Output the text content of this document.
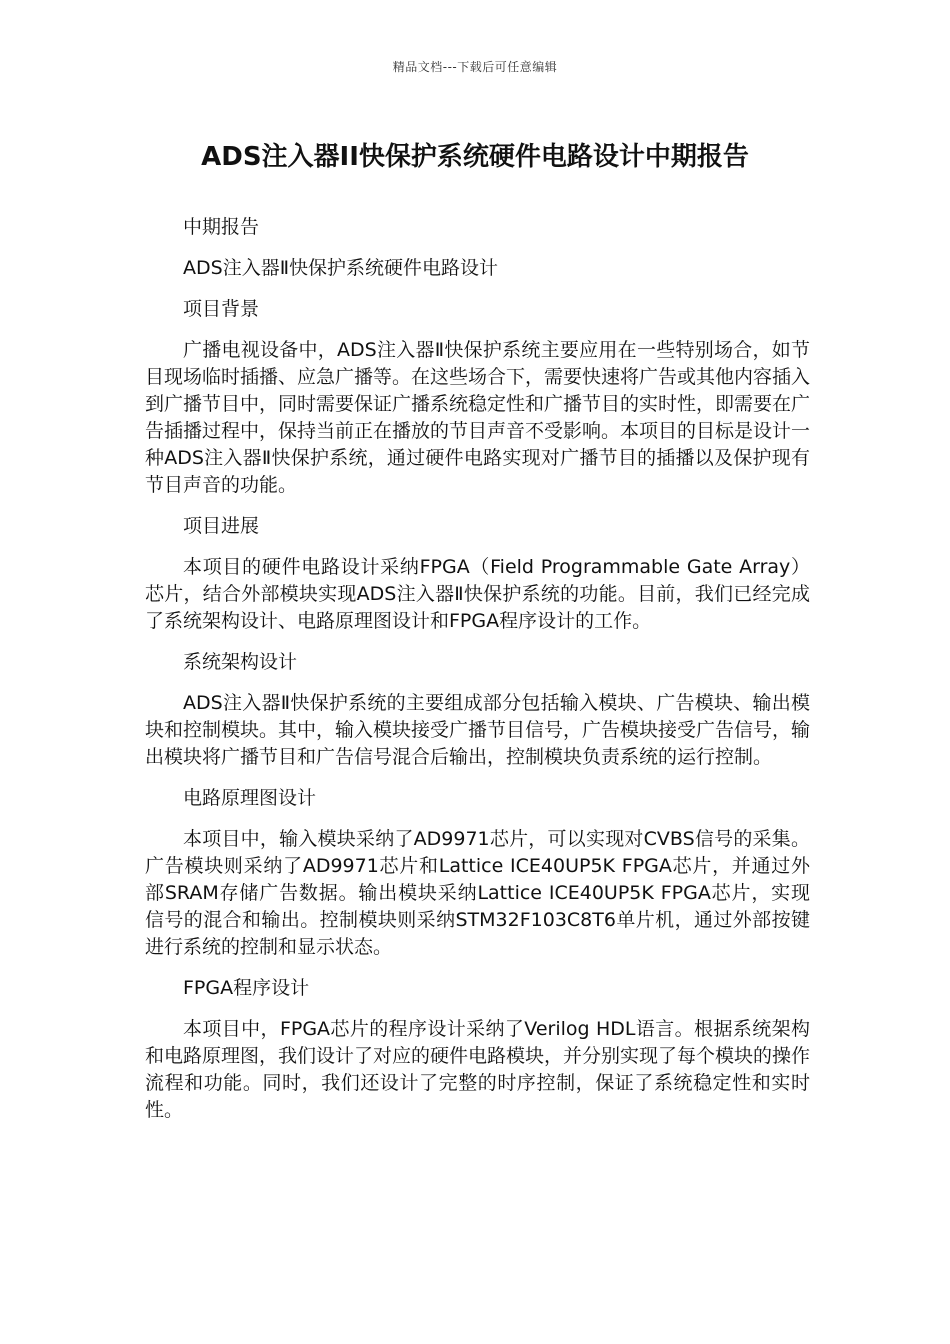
精品文档---下载后可任意编辑
ADS注入器II快保护系统硬件电路设计中期报告
中期报告
ADS注入器Ⅱ快保护系统硬件电路设计
项目背景
广播电视设备中，ADS注入器Ⅱ快保护系统主要应用在一些特别场合，如节目现场临时插播、应急广播等。在这些场合下，需要快速将广告或其他内容插入到广播节目中，同时需要保证广播系统稳定性和广播节目的实时性，即需要在广告插播过程中，保持当前正在播放的节目声音不受影响。本项目的目标是设计一种ADS注入器Ⅱ快保护系统，通过硬件电路实现对广播节目的插播以及保护现有节目声音的功能。
项目进展
本项目的硬件电路设计采纳FPGA（Field Programmable Gate Array）芯片，结合外部模块实现ADS注入器Ⅱ快保护系统的功能。目前，我们已经完成了系统架构设计、电路原理图设计和FPGA程序设计的工作。
系统架构设计
ADS注入器Ⅱ快保护系统的主要组成部分包括输入模块、广告模块、输出模块和控制模块。其中，输入模块接受广播节目信号，广告模块接受广告信号，输出模块将广播节目和广告信号混合后输出，控制模块负责系统的运行控制。
电路原理图设计
本项目中，输入模块采纳了AD9971芯片，可以实现对CVBS信号的采集。广告模块则采纳了AD9971芯片和Lattice ICE40UP5K FPGA芯片，并通过外部SRAM存储广告数据。输出模块采纳Lattice ICE40UP5K FPGA芯片，实现信号的混合和输出。控制模块则采纳STM32F103C8T6单片机，通过外部按键进行系统的控制和显示状态。
FPGA程序设计
本项目中，FPGA芯片的程序设计采纳了Verilog HDL语言。根据系统架构和电路原理图，我们设计了对应的硬件电路模块，并分别实现了每个模块的操作流程和功能。同时，我们还设计了完整的时序控制，保证了系统稳定性和实时性。
